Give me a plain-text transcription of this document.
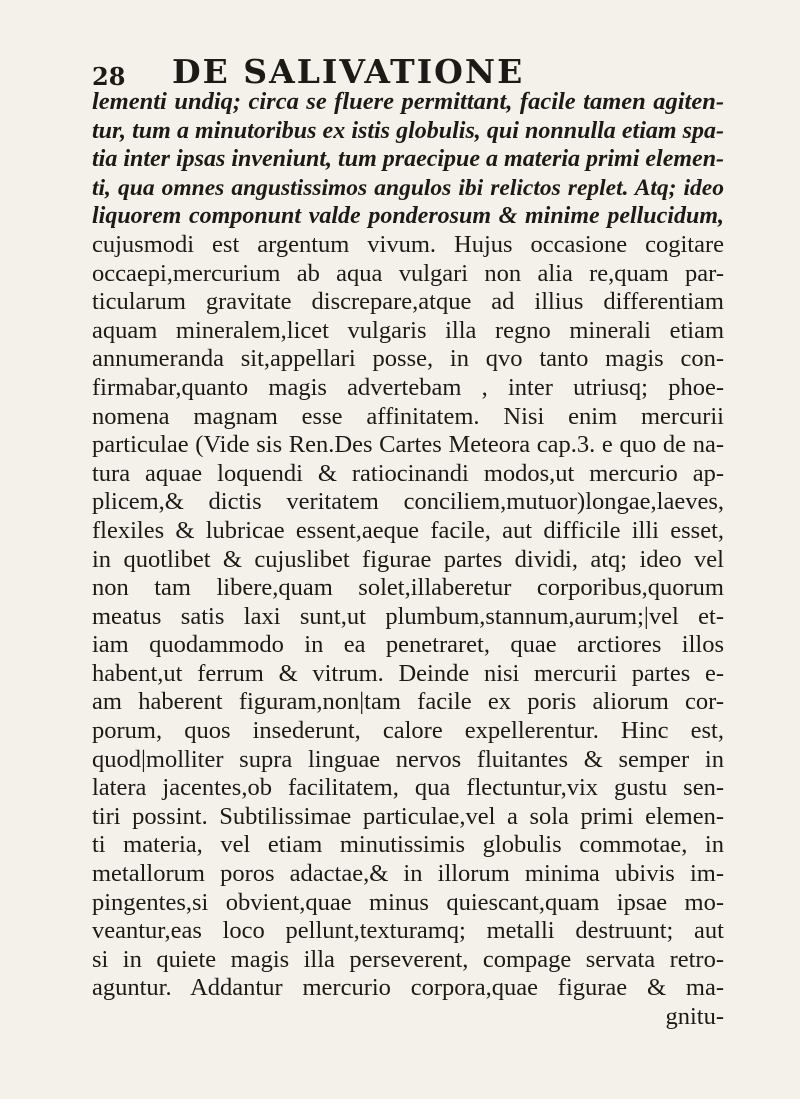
28 DE SALIVATIONE
lementi undiq; circa se fluere permittant, facile tamen agiten-
tur, tum a minutoribus ex istis globulis, qui nonnulla etiam spa-
tia inter ipsas inveniunt, tum praecipue a materia primi elemen-
ti, qua omnes angustissimos angulos ibi relictos replet. Atq; ideo
liquorem componunt valde ponderosum & minime pellucidum,
cujusmodi est argentum vivum. Hujus occasione cogitare
occaepi,mercurium ab aqua vulgari non alia re,quam par-
ticularum gravitate discrepare,atque ad illius differentiam
aquam mineralem,licet vulgaris illa regno minerali etiam
annumeranda sit,appellari posse, in qvo tanto magis con-
firmabar,quanto magis advertebam , inter utriusq; phoe-
nomena magnam esse affinitatem. Nisi enim mercurii
particulae (Vide sis Ren.Des Cartes Meteora cap.3. e quo de na-
tura aquae loquendi & ratiocinandi modos,ut mercurio ap-
plicem,& dictis veritatem conciliem,mutuor)longae,laeves,
flexiles & lubricae essent,aeque facile, aut difficile illi esset,
in quotlibet & cujuslibet figurae partes dividi, atq; ideo vel
non tam libere,quam solet,illaberetur corporibus,quorum
meatus satis laxi sunt,ut plumbum,stannum,aurum;|vel et-
iam quodammodo in ea penetraret, quae arctiores illos
habent,ut ferrum & vitrum. Deinde nisi mercurii partes e-
am haberent figuram,non|tam facile ex poris aliorum cor-
porum, quos insederunt, calore expellerentur. Hinc est,
quod|molliter supra linguae nervos fluitantes & semper in
latera jacentes,ob facilitatem, qua flectuntur,vix gustu sen-
tiri possint. Subtilissimae particulae,vel a sola primi elemen-
ti materia, vel etiam minutissimis globulis commotae, in
metallorum poros adactae,& in illorum minima ubivis im-
pingentes,si obvient,quae minus quiescant,quam ipsae mo-
veantur,eas loco pellunt,texturamq; metalli destruunt; aut
si in quiete magis illa perseverent, compage servata retro-
aguntur. Addantur mercurio corpora,quae figurae & ma-
gnitu-
